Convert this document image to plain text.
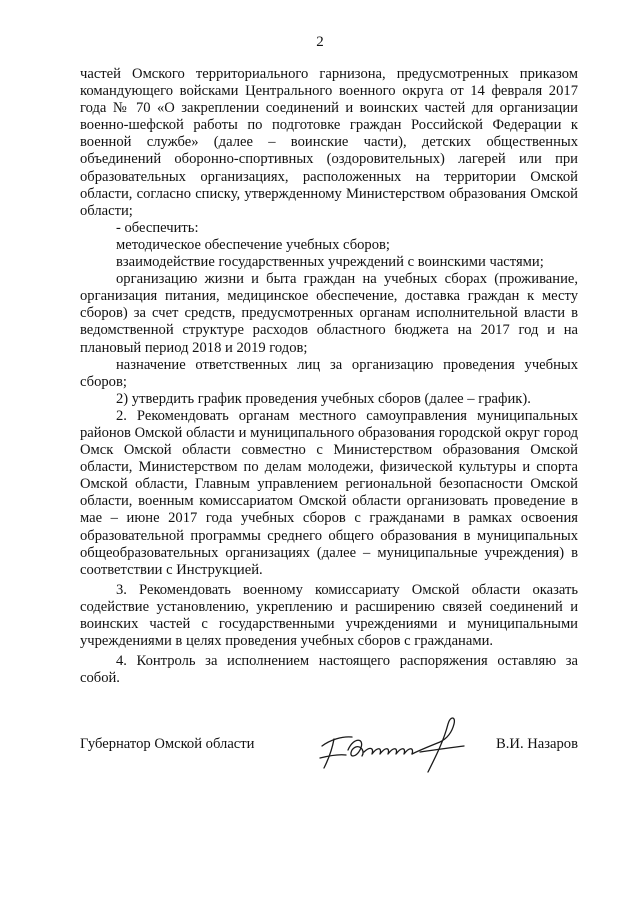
2

частей Омского территориального гарнизона, предусмотренных приказом командующего войсками Центрального военного округа от 14 февраля 2017 года № 70 «О закреплении соединений и воинских частей для организации военно-шефской работы по подготовке граждан Российской Федерации к военной службе» (далее – воинские части), детских общественных объединений оборонно-спортивных (оздоровительных) лагерей или при образовательных организациях, расположенных на территории Омской области, согласно списку, утвержденному Министерством образования Омской области;

- обеспечить:

методическое обеспечение учебных сборов;

взаимодействие государственных учреждений с воинскими частями;

организацию жизни и быта граждан на учебных сборах (проживание, организация питания, медицинское обеспечение, доставка граждан к месту сборов) за счет средств, предусмотренных органам исполнительной власти в ведомственной структуре расходов областного бюджета на 2017 год и на плановый период 2018 и 2019 годов;

назначение ответственных лиц за организацию проведения учебных сборов;

2) утвердить график проведения учебных сборов (далее – график).

2. Рекомендовать органам местного самоуправления муниципальных районов Омской области и муниципального образования городской округ город Омск Омской области совместно с Министерством образования Омской области, Министерством по делам молодежи, физической культуры и спорта Омской области, Главным управлением региональной безопасности Омской области, военным комиссариатом Омской области организовать проведение в мае – июне 2017 года учебных сборов с гражданами в рамках освоения образовательной программы среднего общего образования в муниципальных общеобразовательных организациях (далее – муниципальные учреждения) в соответствии с Инструкцией.

3. Рекомендовать военному комиссариату Омской области оказать содействие установлению, укреплению и расширению связей соединений и воинских частей с государственными учреждениями и муниципальными учреждениями в целях проведения учебных сборов с гражданами.

4. Контроль за исполнением настоящего распоряжения оставляю за собой.

Губернатор Омской области	В.И. Назаров
